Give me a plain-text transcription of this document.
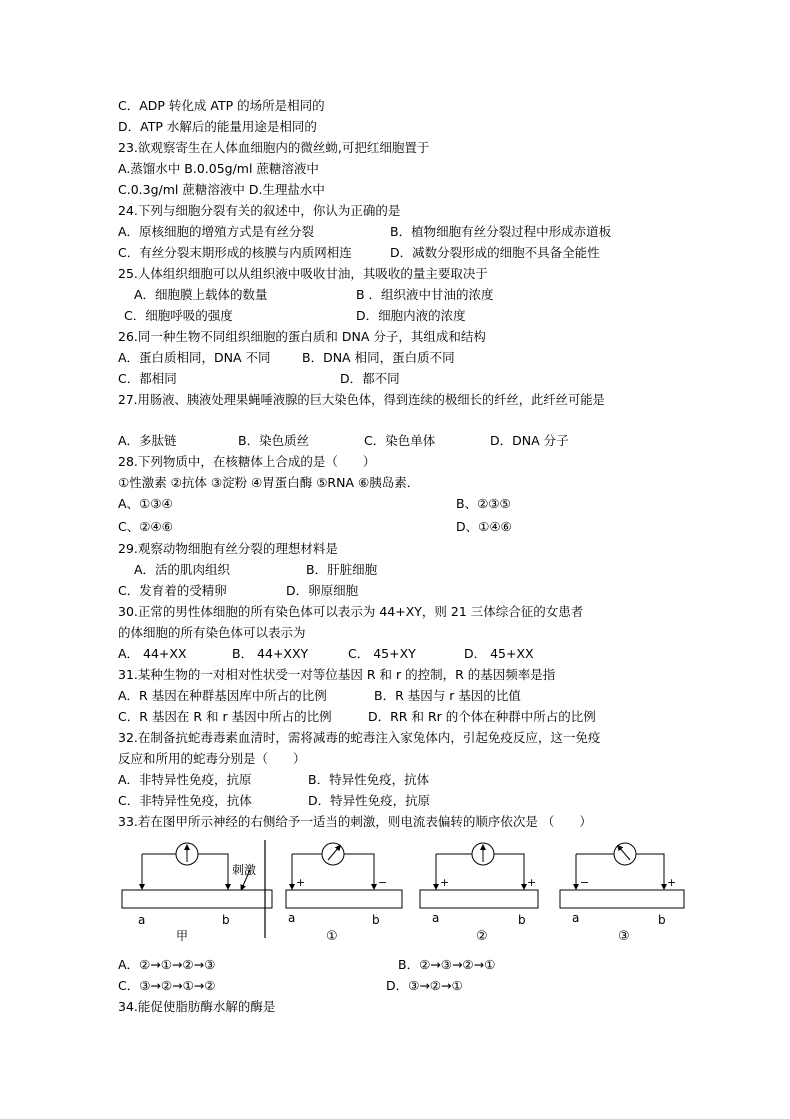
C．ADP 转化成 ATP 的场所是相同的
D．ATP 水解后的能量用途是相同的
23.欲观察寄生在人体血细胞内的微丝蚴,可把红细胞置于
A.蒸馏水中 B.0.05g/ml 蔗糖溶液中
C.0.3g/ml 蔗糖溶液中 D.生理盐水中
24.下列与细胞分裂有关的叙述中，你认为正确的是
A．原核细胞的增殖方式是有丝分裂	B．植物细胞有丝分裂过程中形成赤道板
C．有丝分裂末期形成的核膜与内质网相连	D．减数分裂形成的细胞不具备全能性
25.人体组织细胞可以从组织液中吸收甘油，其吸收的量主要取决于
A．细胞膜上载体的数量	B ．组织液中甘油的浓度
C．细胞呼吸的强度	D．细胞内液的浓度
26.同一种生物不同组织细胞的蛋白质和 DNA 分子，其组成和结构
A．蛋白质相同，DNA 不同	B．DNA 相同，蛋白质不同
C．都相同	D．都不同
27.用肠液、胰液处理果蝇唾液腺的巨大染色体，得到连续的极细长的纤丝，此纤丝可能是
A．多肽链	B．染色质丝	C．染色单体	D．DNA 分子
28.下列物质中，在核糖体上合成的是（　　）
①性激素 ②抗体 ③淀粉 ④胃蛋白酶 ⑤RNA ⑥胰岛素．
A、①③④	B、②③⑤
C、②④⑥	D、①④⑥
29.观察动物细胞有丝分裂的理想材料是
A．活的肌肉组织	B．肝脏细胞
C．发育着的受精卵	D．卵原细胞
30.正常的男性体细胞的所有染色体可以表示为 44+XY，则 21 三体综合征的女患者
的体细胞的所有染色体可以表示为
A． 44+XX	B． 44+XXY	C． 45+XY	D． 45+XX
31.某种生物的一对相对性状受一对等位基因 R 和 r 的控制，R 的基因频率是指
A．R 基因在种群基因库中所占的比例	B．R 基因与 r 基因的比值
C．R 基因在 R 和 r 基因中所占的比例	D．RR 和 Rr 的个体在种群中所占的比例
32.在制备抗蛇毒毒素血清时，需将减毒的蛇毒注入家兔体内，引起免疫反应，这一免疫
反应和所用的蛇毒分别是（　　）
A．非特异性免疫，抗原	B．特异性免疫，抗体
C．非特异性免疫，抗体	D．特异性免疫，抗原
33.若在图甲所示神经的右侧给予一适当的刺激，则电流表偏转的顺序依次是 （　　）
刺激
a	b
甲
+	−
a	b
①
+	+
a	b
②
−	+
a	b
③
A．②→①→②→③	B．②→③→②→①
C．③→②→①→②	D．③→②→①
34.能促使脂肪酶水解的酶是
